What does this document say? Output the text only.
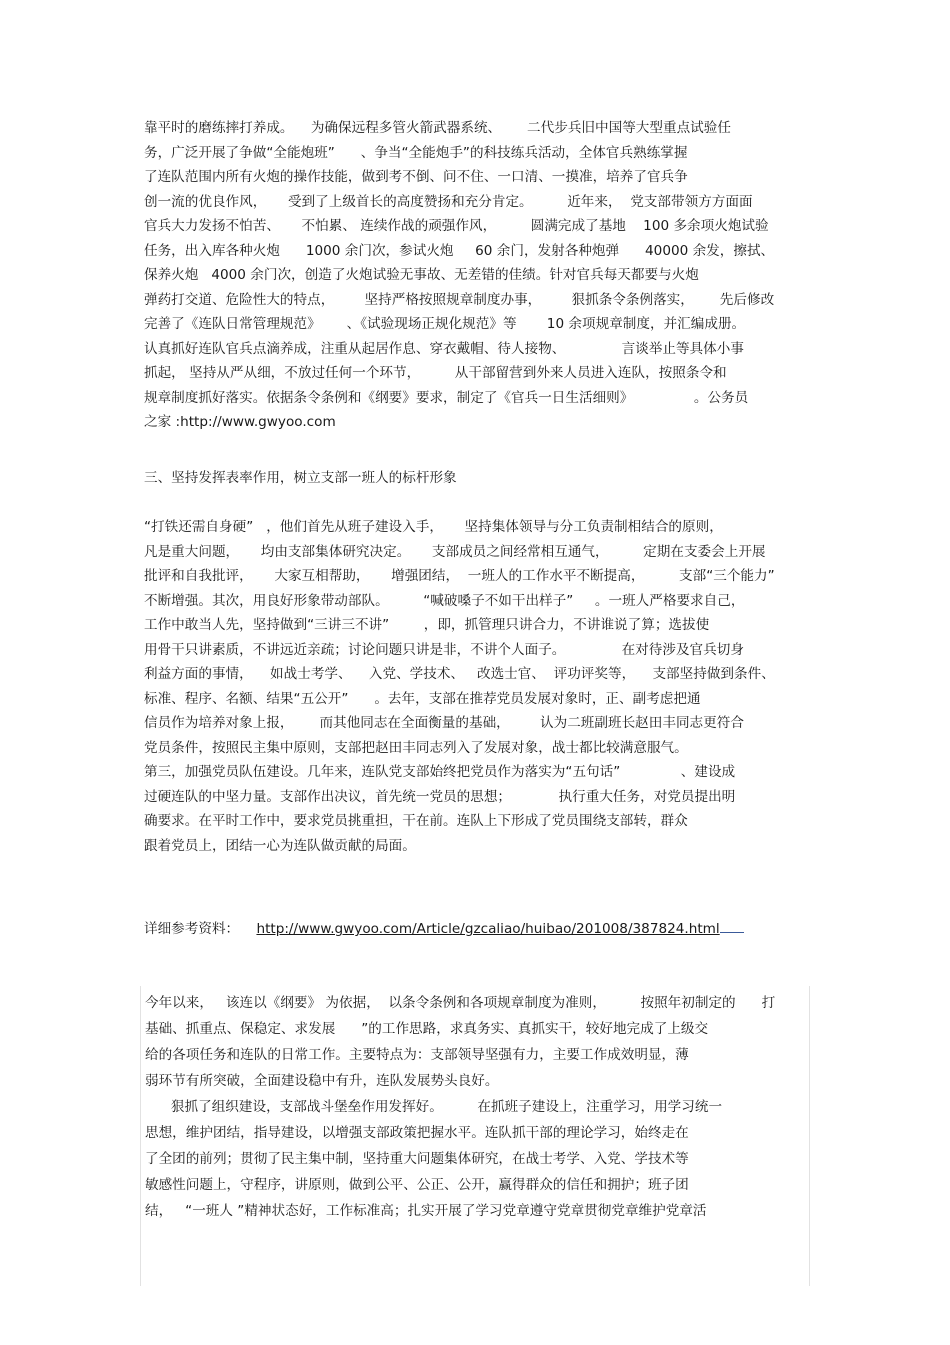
靠平时的磨练摔打养成。    为确保远程多管火箭武器系统、      二代步兵旧中国等大型重点试验任
务，广泛开展了争做“全能炮班”      、争当“全能炮手”的科技练兵活动，全体官兵熟练掌握
了连队范围内所有火炮的操作技能，做到考不倒、问不住、一口清、一摸准，培养了官兵争
创一流的优良作风，     受到了上级首长的高度赞扬和充分肯定。        近年来，  党支部带领方方面面
官兵大力发扬不怕苦、     不怕累、 连续作战的顽强作风，        圆满完成了基地    100 多余项火炮试验
任务，出入库各种火炮      1000 余门次，参试火炮     60 余门，发射各种炮弹      40000 余发，擦拭、
保养火炮   4000 余门次，创造了火炮试验无事故、无差错的佳绩。针对官兵每天都要与火炮
弹药打交道、危险性大的特点，       坚持严格按照规章制度办事，       狠抓条令条例落实，      先后修改
完善了《连队日常管理规范》      、《试验现场正规化规范》等       10 余项规章制度，并汇编成册。
认真抓好连队官兵点滴养成，注重从起居作息、穿衣戴帽、待人接物、             言谈举止等具体小事
抓起， 坚持从严从细，不放过任何一个环节，        从干部留营到外来人员进入连队，按照条令和
规章制度抓好落实。依据条令条例和《纲要》要求，制定了《官兵一日生活细则》              。公务员
之家 :http://www.gwyoo.com
三、坚持发挥表率作用，树立支部一班人的标杆形象
“打铁还需自身硬”   ，他们首先从班子建设入手，     坚持集体领导与分工负责制相结合的原则，
凡是重大问题，     均由支部集体研究决定。     支部成员之间经常相互通气，        定期在支委会上开展
批评和自我批评，     大家互相帮助，     增强团结，  一班人的工作水平不断提高，        支部“三个能力”
不断增强。其次，用良好形象带动部队。        “喊破嗓子不如干出样子”     。一班人严格要求自己，
工作中敢当人先，坚持做到“三讲三不讲”        ，即，抓管理只讲合力，不讲谁说了算；选拔使
用骨干只讲素质，不讲远近亲疏；讨论问题只讲是非，不讲个人面子。             在对待涉及官兵切身
利益方面的事情，    如战士考学、    入党、学技术、   改选士官、  评功评奖等，    支部坚持做到条件、
标准、程序、名额、结果“五公开”      。去年，支部在推荐党员发展对象时，正、副考虑把通
信员作为培养对象上报，      而其他同志在全面衡量的基础，       认为二班副班长赵田丰同志更符合
党员条件，按照民主集中原则，支部把赵田丰同志列入了发展对象，战士都比较满意服气。
第三，加强党员队伍建设。几年来，连队党支部始终把党员作为落实为“五句话”              、建设成
过硬连队的中坚力量。支部作出决议，首先统一党员的思想；           执行重大任务，对党员提出明
确要求。在平时工作中，要求党员挑重担，干在前。连队上下形成了党员围绕支部转，群众
跟着党员上，团结一心为连队做贡献的局面。
详细参考资料： http://www.gwyoo.com/Article/gzcaliao/huibao/201008/387824.html
今年以来，   该连以《纲要》 为依据，  以条令条例和各项规章制度为准则，        按照年初制定的      打
基础、抓重点、保稳定、求发展      ”的工作思路，求真务实、真抓实干，较好地完成了上级交
给的各项任务和连队的日常工作。主要特点为：支部领导坚强有力，主要工作成效明显，薄
弱环节有所突破，全面建设稳中有升，连队发展势头良好。
狠抓了组织建设，支部战斗堡垒作用发挥好。        在抓班子建设上，注重学习，用学习统一
思想，维护团结，指导建设，以增强支部政策把握水平。连队抓干部的理论学习，始终走在
了全团的前列；贯彻了民主集中制，坚持重大问题集体研究，在战士考学、入党、学技术等
敏感性问题上，守程序，讲原则，做到公平、公正、公开，赢得群众的信任和拥护；班子团
结，   “一班人 ”精神状态好，工作标准高；扎实开展了学习党章遵守党章贯彻党章维护党章活
